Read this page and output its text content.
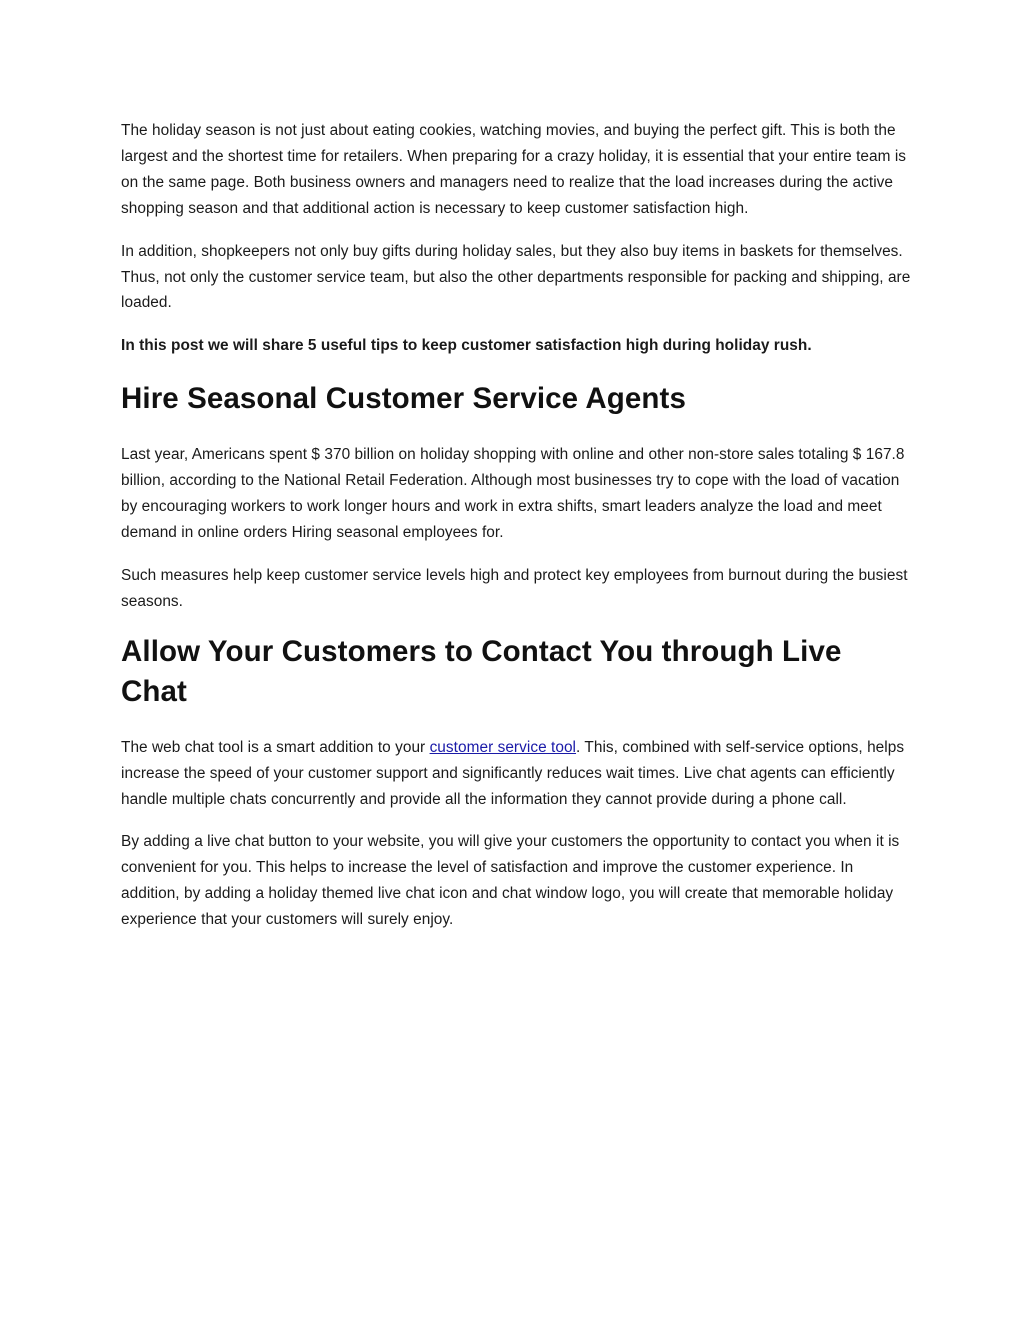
The holiday season is not just about eating cookies, watching movies, and buying the perfect gift. This is both the largest and the shortest time for retailers. When preparing for a crazy holiday, it is essential that your entire team is on the same page. Both business owners and managers need to realize that the load increases during the active shopping season and that additional action is necessary to keep customer satisfaction high.

In addition, shopkeepers not only buy gifts during holiday sales, but they also buy items in baskets for themselves. Thus, not only the customer service team, but also the other departments responsible for packing and shipping, are loaded.

In this post we will share 5 useful tips to keep customer satisfaction high during holiday rush.

Hire Seasonal Customer Service Agents

Last year, Americans spent $ 370 billion on holiday shopping with online and other non-store sales totaling $ 167.8 billion, according to the National Retail Federation. Although most businesses try to cope with the load of vacation by encouraging workers to work longer hours and work in extra shifts, smart leaders analyze the load and meet demand in online orders Hiring seasonal employees for.

Such measures help keep customer service levels high and protect key employees from burnout during the busiest seasons.

Allow Your Customers to Contact You through Live Chat

The web chat tool is a smart addition to your customer service tool. This, combined with self-service options, helps increase the speed of your customer support and significantly reduces wait times. Live chat agents can efficiently handle multiple chats concurrently and provide all the information they cannot provide during a phone call.

By adding a live chat button to your website, you will give your customers the opportunity to contact you when it is convenient for you. This helps to increase the level of satisfaction and improve the customer experience. In addition, by adding a holiday themed live chat icon and chat window logo, you will create that memorable holiday experience that your customers will surely enjoy.
